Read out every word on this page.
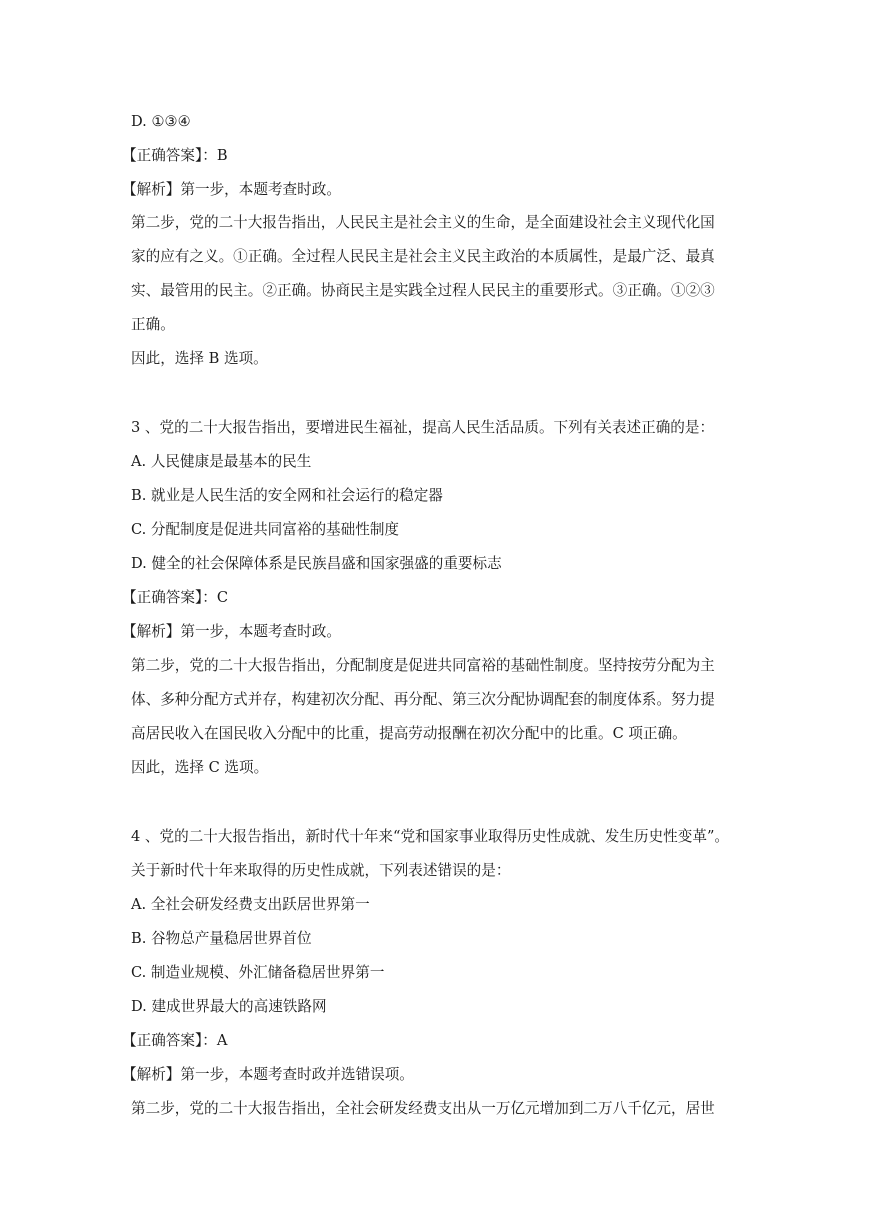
D. ①③④
【正确答案】：B
【解析】第一步，本题考查时政。
第二步，党的二十大报告指出，人民民主是社会主义的生命，是全面建设社会主义现代化国
家的应有之义。①正确。全过程人民民主是社会主义民主政治的本质属性，是最广泛、最真
实、最管用的民主。②正确。协商民主是实践全过程人民民主的重要形式。③正确。①②③
正确。
因此，选择 B 选项。
3 、党的二十大报告指出，要增进民生福祉，提高人民生活品质。下列有关表述正确的是：
A. 人民健康是最基本的民生
B. 就业是人民生活的安全网和社会运行的稳定器
C. 分配制度是促进共同富裕的基础性制度
D. 健全的社会保障体系是民族昌盛和国家强盛的重要标志
【正确答案】：C
【解析】第一步，本题考查时政。
第二步，党的二十大报告指出，分配制度是促进共同富裕的基础性制度。坚持按劳分配为主
体、多种分配方式并存，构建初次分配、再分配、第三次分配协调配套的制度体系。努力提
高居民收入在国民收入分配中的比重，提高劳动报酬在初次分配中的比重。C 项正确。
因此，选择 C 选项。
4 、党的二十大报告指出，新时代十年来“党和国家事业取得历史性成就、发生历史性变革”。
关于新时代十年来取得的历史性成就，下列表述错误的是：
A. 全社会研发经费支出跃居世界第一
B. 谷物总产量稳居世界首位
C. 制造业规模、外汇储备稳居世界第一
D. 建成世界最大的高速铁路网
【正确答案】：A
【解析】第一步，本题考查时政并选错误项。
第二步，党的二十大报告指出，全社会研发经费支出从一万亿元增加到二万八千亿元，居世
